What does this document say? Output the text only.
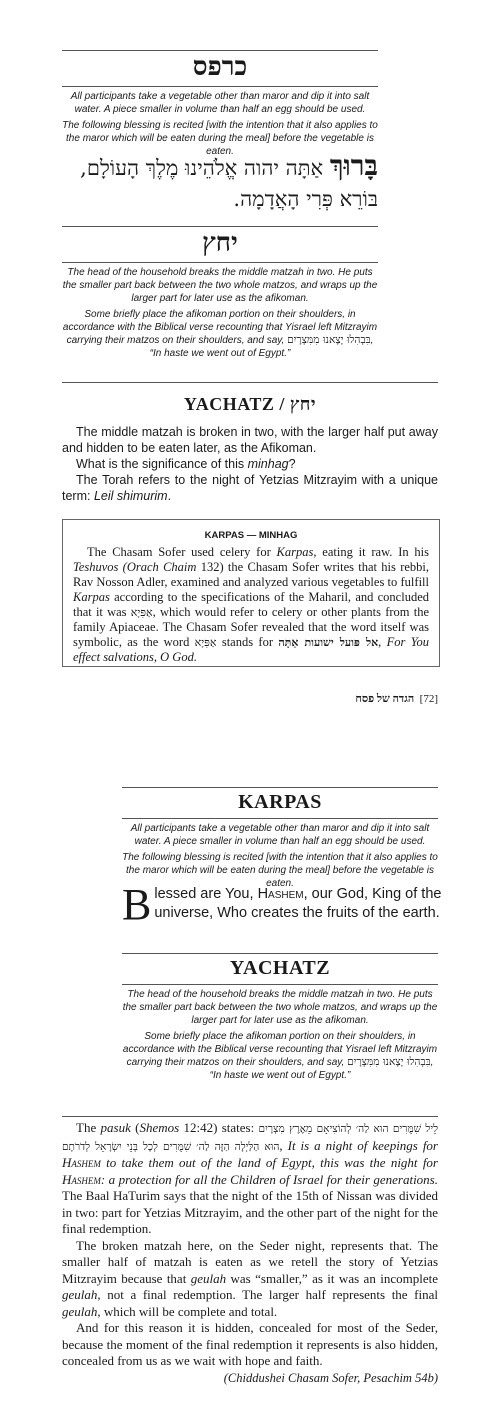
כרפס

All participants take a vegetable other than maror and dip it into salt water. A piece smaller in volume than half an egg should be used.

The following blessing is recited [with the intention that it also applies to the maror which will be eaten during the meal] before the vegetable is eaten.	בָּרוּךְ אַתָּה יהוה אֱלֹהֵינוּ מֶלֶךְ הָעוֹלָם, בּוֹרֵא פְּרִי הָאֲדָמָה.
יחץ

The head of the household breaks the middle matzah in two. He puts the smaller part back between the two whole matzos, and wraps up the larger part for later use as the afikoman.

Some briefly place the afikoman portion on their shoulders, in accordance with the Biblical verse recounting that Yisrael left Mitzrayim carrying their matzos on their shoulders, and say, בִּבְהִלוּ יָצָאנוּ מִמִּצְרָיִם, “In haste we went out of Egypt.”

YACHATZ / יחץ

The middle matzah is broken in two, with the larger half put away and hidden to be eaten later, as the Afikoman.

What is the significance of this minhag?

The Torah refers to the night of Yetzias Mitzrayim with a unique term: Leil shimurim.

KARPAS — MINHAG
The Chasam Sofer used celery for Karpas, eating it raw. In his Teshuvos (Orach Chaim 132) the Chasam Sofer writes that his rebbi, Rav Nosson Adler, examined and analyzed various vegetables to fulfill Karpas according to the specifications of the Maharil, and concluded that it was אַפִּיָא, which would refer to celery or other plants from the family Apiaceae. The Chasam Sofer revealed that the word itself was symbolic, as the word אַפִּיָא stands for אל פּועל ישועות אַתָּה, For You effect salvations, O God.
[72]  הגדה של פסח
KARPAS

All participants take a vegetable other than maror and dip it into salt water. A piece smaller in volume than half an egg should be used.

The following blessing is recited [with the intention that it also applies to the maror which will be eaten during the meal] before the vegetable is eaten.

Blessed are You, Hashem, our God, King of the universe, Who creates the fruits of the earth.
YACHATZ

The head of the household breaks the middle matzah in two. He puts the smaller part back between the two whole matzos, and wraps up the larger part for later use as the afikoman.

Some briefly place the afikoman portion on their shoulders, in accordance with the Biblical verse recounting that Yisrael left Mitzrayim carrying their matzos on their shoulders, and say, בִּבְהִלוּ יָצָאנוּ מִמִּצְרָיִם, “In haste we went out of Egypt.”

The pasuk (Shemos 12:42) states: לֵיל שִׁמֻּרִים הוּא לַה׳ לְהוֹצִיאָם מֵאֶרֶץ מִצְרָיִם הוּא הַלַּיְלָה הַזֶּה לַה׳ שִׁמֻּרִים לְכָל בְּנֵי יִשְׂרָאֵל לְדֹרֹתָם, It is a night of keepings for Hashem to take them out of the land of Egypt, this was the night for Hashem: a protection for all the Children of Israel for their generations. The Baal HaTurim says that the night of the 15th of Nissan was divided in two: part for Yetzias Mitzrayim, and the other part of the night for the final redemption.

The broken matzah here, on the Seder night, represents that. The smaller half of matzah is eaten as we retell the story of Yetzias Mitzrayim because that geulah was “smaller,” as it was an incomplete geulah, not a final redemption. The larger half represents the final geulah, which will be complete and total.

And for this reason it is hidden, concealed for most of the Seder, because the moment of the final redemption it represents is also hidden, concealed from us as we wait with hope and faith.

(Chiddushei Chasam Sofer, Pesachim 54b)
